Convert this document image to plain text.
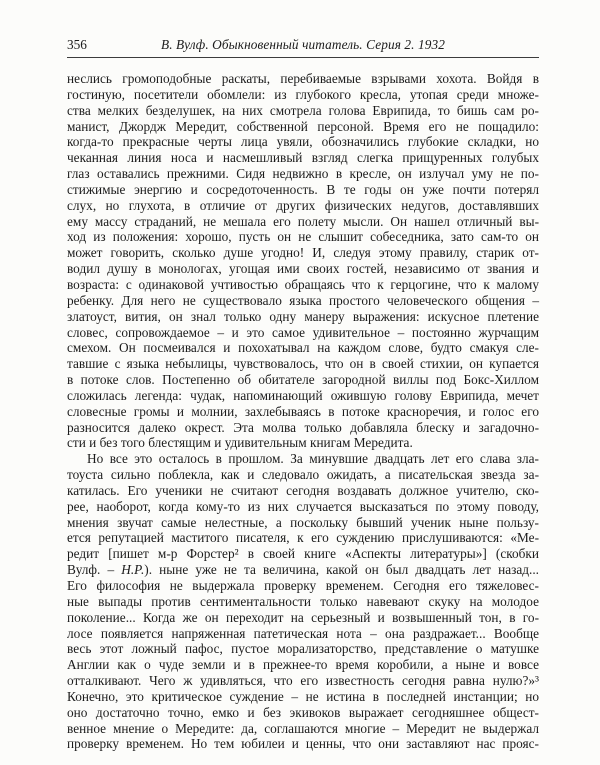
356	В. Вулф. Обыкновенный читатель. Серия 2. 1932
неслись громоподобные раскаты, перебиваемые взрывами хохота. Войдя в
гостиную, посетители обомлели: из глубокого кресла, утопая среди множе-
ства мелких безделушек, на них смотрела голова Еврипида, то бишь сам ро-
манист, Джордж Мередит, собственной персоной. Время его не пощадило:
когда-то прекрасные черты лица увяли, обозначились глубокие складки, но
чеканная линия носа и насмешливый взгляд слегка прищуренных голубых
глаз оставались прежними. Сидя недвижно в кресле, он излучал уму не по-
стижимые энергию и сосредоточенность. В те годы он уже почти потерял
слух, но глухота, в отличие от других физических недугов, доставлявших
ему массу страданий, не мешала его полету мысли. Он нашел отличный вы-
ход из положения: хорошо, пусть он не слышит собеседника, зато сам-то он
может говорить, сколько душе угодно! И, следуя этому правилу, старик от-
водил душу в монологах, угощая ими своих гостей, независимо от звания и
возраста: с одинаковой учтивостью обращаясь что к герцогине, что к малому
ребенку. Для него не существовало языка простого человеческого общения –
златоуст, вития, он знал только одну манеру выражения: искусное плетение
словес, сопровождаемое – и это самое удивительное – постоянно журчащим
смехом. Он посмеивался и похохатывал на каждом слове, будто смакуя сле-
тавшие с языка небылицы, чувствовалось, что он в своей стихии, он купается
в потоке слов. Постепенно об обитателе загородной виллы под Бокс-Хиллом
сложилась легенда: чудак, напоминающий ожившую голову Еврипида, мечет
словесные громы и молнии, захлебываясь в потоке красноречия, и голос его
разносится далеко окрест. Эта молва только добавляла блеску и загадочно-
сти и без того блестящим и удивительным книгам Мередита.
Но все это осталось в прошлом. За минувшие двадцать лет его слава зла-
тоуста сильно поблекла, как и следовало ожидать, а писательская звезда за-
катилась. Его ученики не считают сегодня воздавать должное учителю, ско-
рее, наоборот, когда кому-то из них случается высказаться по этому поводу,
мнения звучат самые нелестные, а поскольку бывший ученик ныне пользу-
ется репутацией маститого писателя, к его суждению прислушиваются: «Ме-
редит [пишет м-р Форстер² в своей книге «Аспекты литературы»] (скобки
Вулф. – Н.Р.). ныне уже не та величина, какой он был двадцать лет назад...
Его философия не выдержала проверку временем. Сегодня его тяжеловес-
ные выпады против сентиментальности только навевают скуку на молодое
поколение... Когда же он переходит на серьезный и возвышенный тон, в го-
лосе появляется напряженная патетическая нота – она раздражает... Вообще
весь этот ложный пафос, пустое морализаторство, представление о матушке
Англии как о чуде земли и в прежнее-то время коробили, а ныне и вовсе
отталкивают. Чего ж удивляться, что его известность сегодня равна нулю?»³
Конечно, это критическое суждение – не истина в последней инстанции; но
оно достаточно точно, емко и без экивоков выражает сегодняшнее общест-
венное мнение о Мередите: да, соглашаются многие – Мередит не выдержал
проверку временем. Но тем юбилеи и ценны, что они заставляют нас прояс-
